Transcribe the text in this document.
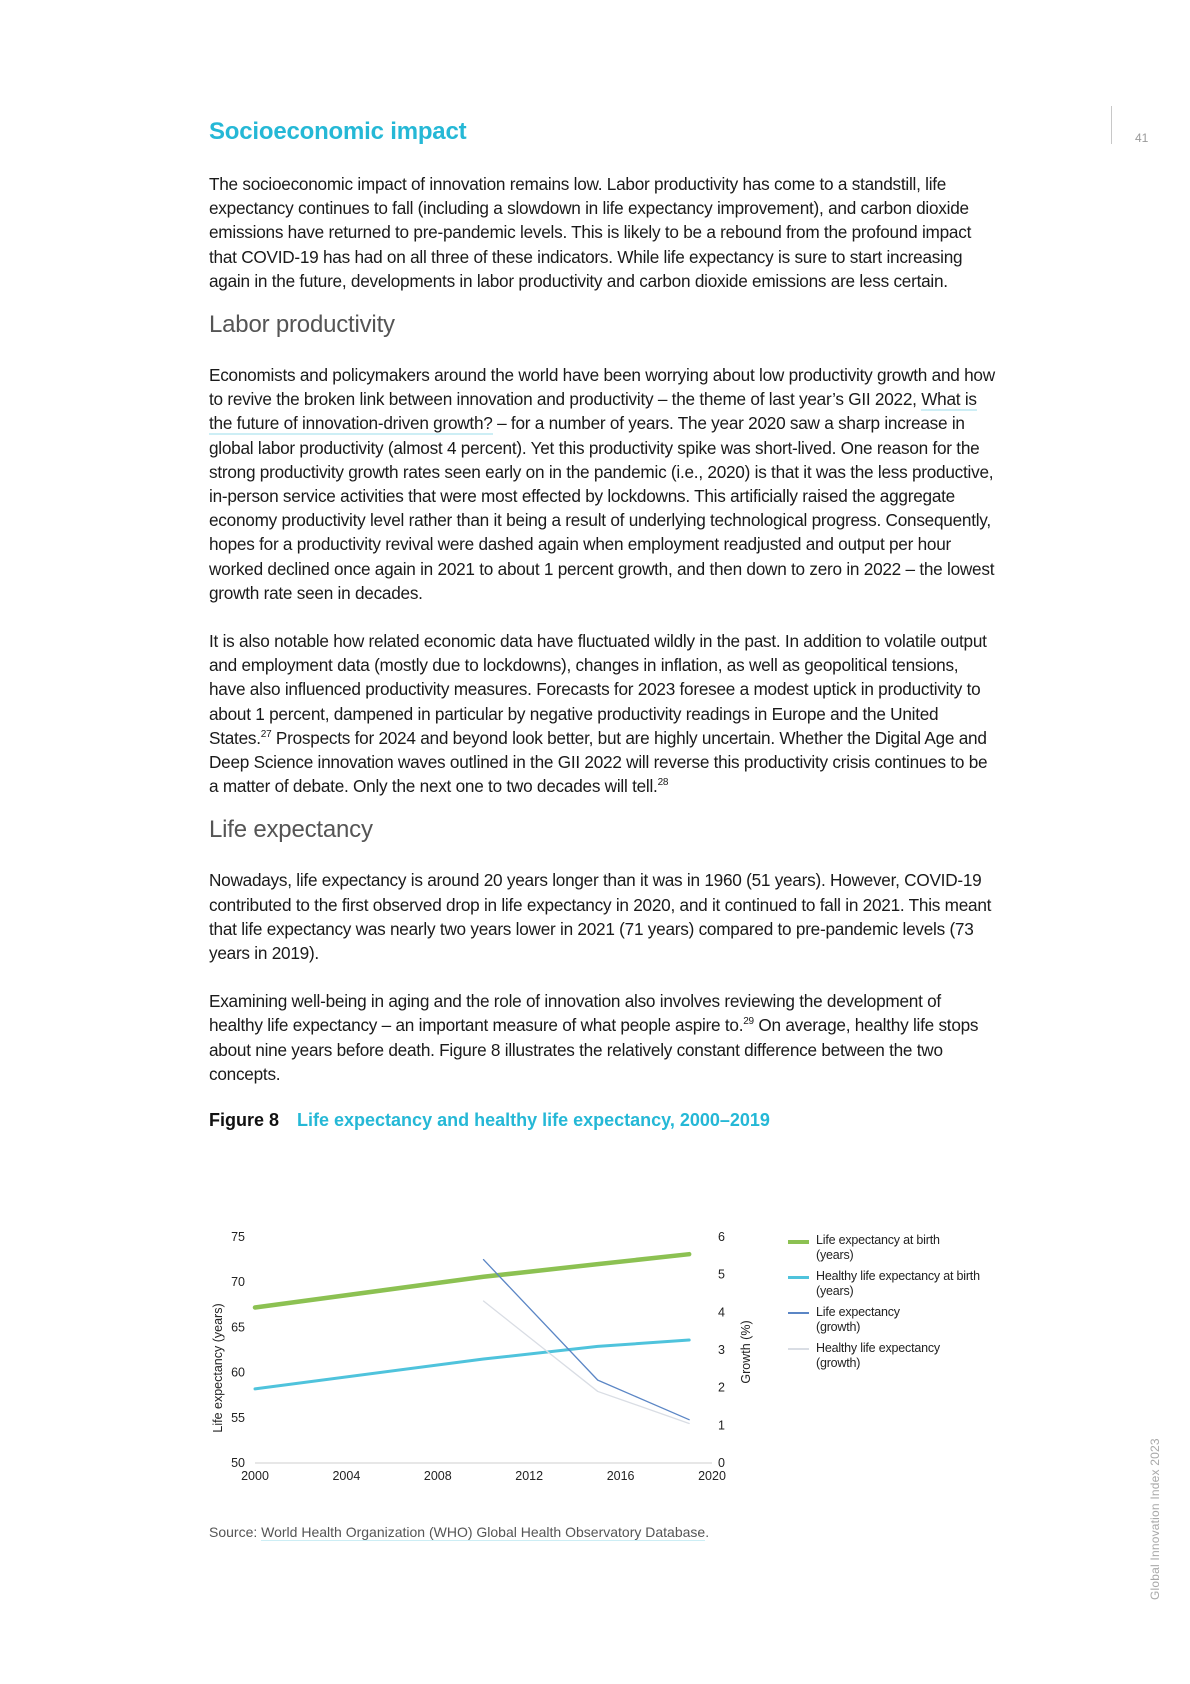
41
Global Innovation Index 2023
Socioeconomic impact

The socioeconomic impact of innovation remains low. Labor productivity has come to a standstill, life expectancy continues to fall (including a slowdown in life expectancy improvement), and carbon dioxide emissions have returned to pre-pandemic levels. This is likely to be a rebound from the profound impact that COVID-19 has had on all three of these indicators. While life expectancy is sure to start increasing again in the future, developments in labor productivity and carbon dioxide emissions are less certain.

Labor productivity

Economists and policymakers around the world have been worrying about low productivity growth and how to revive the broken link between innovation and productivity – the theme of last year’s GII 2022, What is the future of innovation-driven growth? – for a number of years. The year 2020 saw a sharp increase in global labor productivity (almost 4 percent). Yet this productivity spike was short-lived. One reason for the strong productivity growth rates seen early on in the pandemic (i.e., 2020) is that it was the less productive, in-person service activities that were most effected by lockdowns. This artificially raised the aggregate economy productivity level rather than it being a result of underlying technological progress. Consequently, hopes for a productivity revival were dashed again when employment readjusted and output per hour worked declined once again in 2021 to about 1 percent growth, and then down to zero in 2022 – the lowest growth rate seen in decades.

It is also notable how related economic data have fluctuated wildly in the past. In addition to volatile output and employment data (mostly due to lockdowns), changes in inflation, as well as geopolitical tensions, have also influenced productivity measures. Forecasts for 2023 foresee a modest uptick in productivity to about 1 percent, dampened in particular by negative productivity readings in Europe and the United States.$^{27}$ Prospects for 2024 and beyond look better, but are highly uncertain. Whether the Digital Age and Deep Science innovation waves outlined in the GII 2022 will reverse this productivity crisis continues to be a matter of debate. Only the next one to two decades will tell.$^{28}$

Life expectancy

Nowadays, life expectancy is around 20 years longer than it was in 1960 (51 years). However, COVID-19 contributed to the first observed drop in life expectancy in 2020, and it continued to fall in 2021. This meant that life expectancy was nearly two years lower in 2021 (71 years) compared to pre-pandemic levels (73 years in 2019).

Examining well-being in aging and the role of innovation also involves reviewing the development of healthy life expectancy – an important measure of what people aspire to.$^{29}$ On average, healthy life stops about nine years before death. Figure 8 illustrates the relatively constant difference between the two concepts.

Figure 8 Life expectancy and healthy life expectancy, 2000–2019
50
55
60
65
70
75
0
1
2
3
4
5
6
2000	2004	2008	2012	2016	2020
Life expectancy (years)	Growth (%)
Life expectancy at birth
(years)
Healthy life expectancy at birth
(years)
Life expectancy
(growth)
Healthy life expectancy
(growth)
Source: World Health Organization (WHO) Global Health Observatory Database.
